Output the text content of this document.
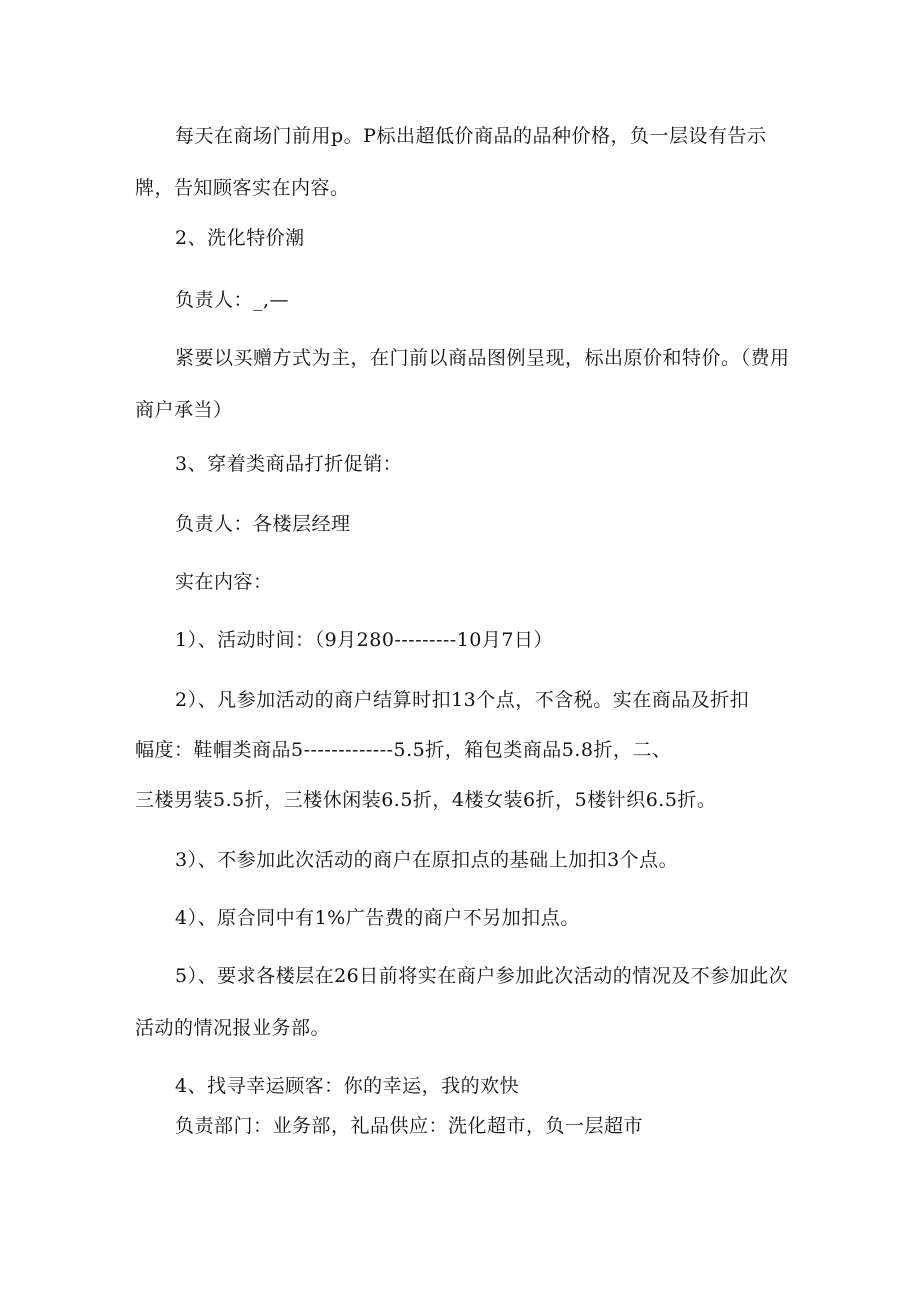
每天在商场门前用p。P标出超低价商品的品种价格，负一层设有告示牌，告知顾客实在内容。

2、洗化特价潮

负责人：_,—

紧要以买赠方式为主，在门前以商品图例呈现，标出原价和特价。（费用商户承当）

3、穿着类商品打折促销：

负责人：各楼层经理

实在内容：

1）、活动时间：（9月280---------10月7日）

2）、凡参加活动的商户结算时扣13个点，不含税。实在商品及折扣

幅度：鞋帽类商品5-------------5.5折，箱包类商品5.8折，二、

三楼男装5.5折，三楼休闲装6.5折，4楼女装6折，5楼针织6.5折。

3）、不参加此次活动的商户在原扣点的基础上加扣3个点。

4）、原合同中有1%广告费的商户不另加扣点。

5）、要求各楼层在26日前将实在商户参加此次活动的情况及不参加此次活动的情况报业务部。

4、找寻幸运顾客：你的幸运，我的欢快

负责部门：业务部，礼品供应：洗化超市，负一层超市
